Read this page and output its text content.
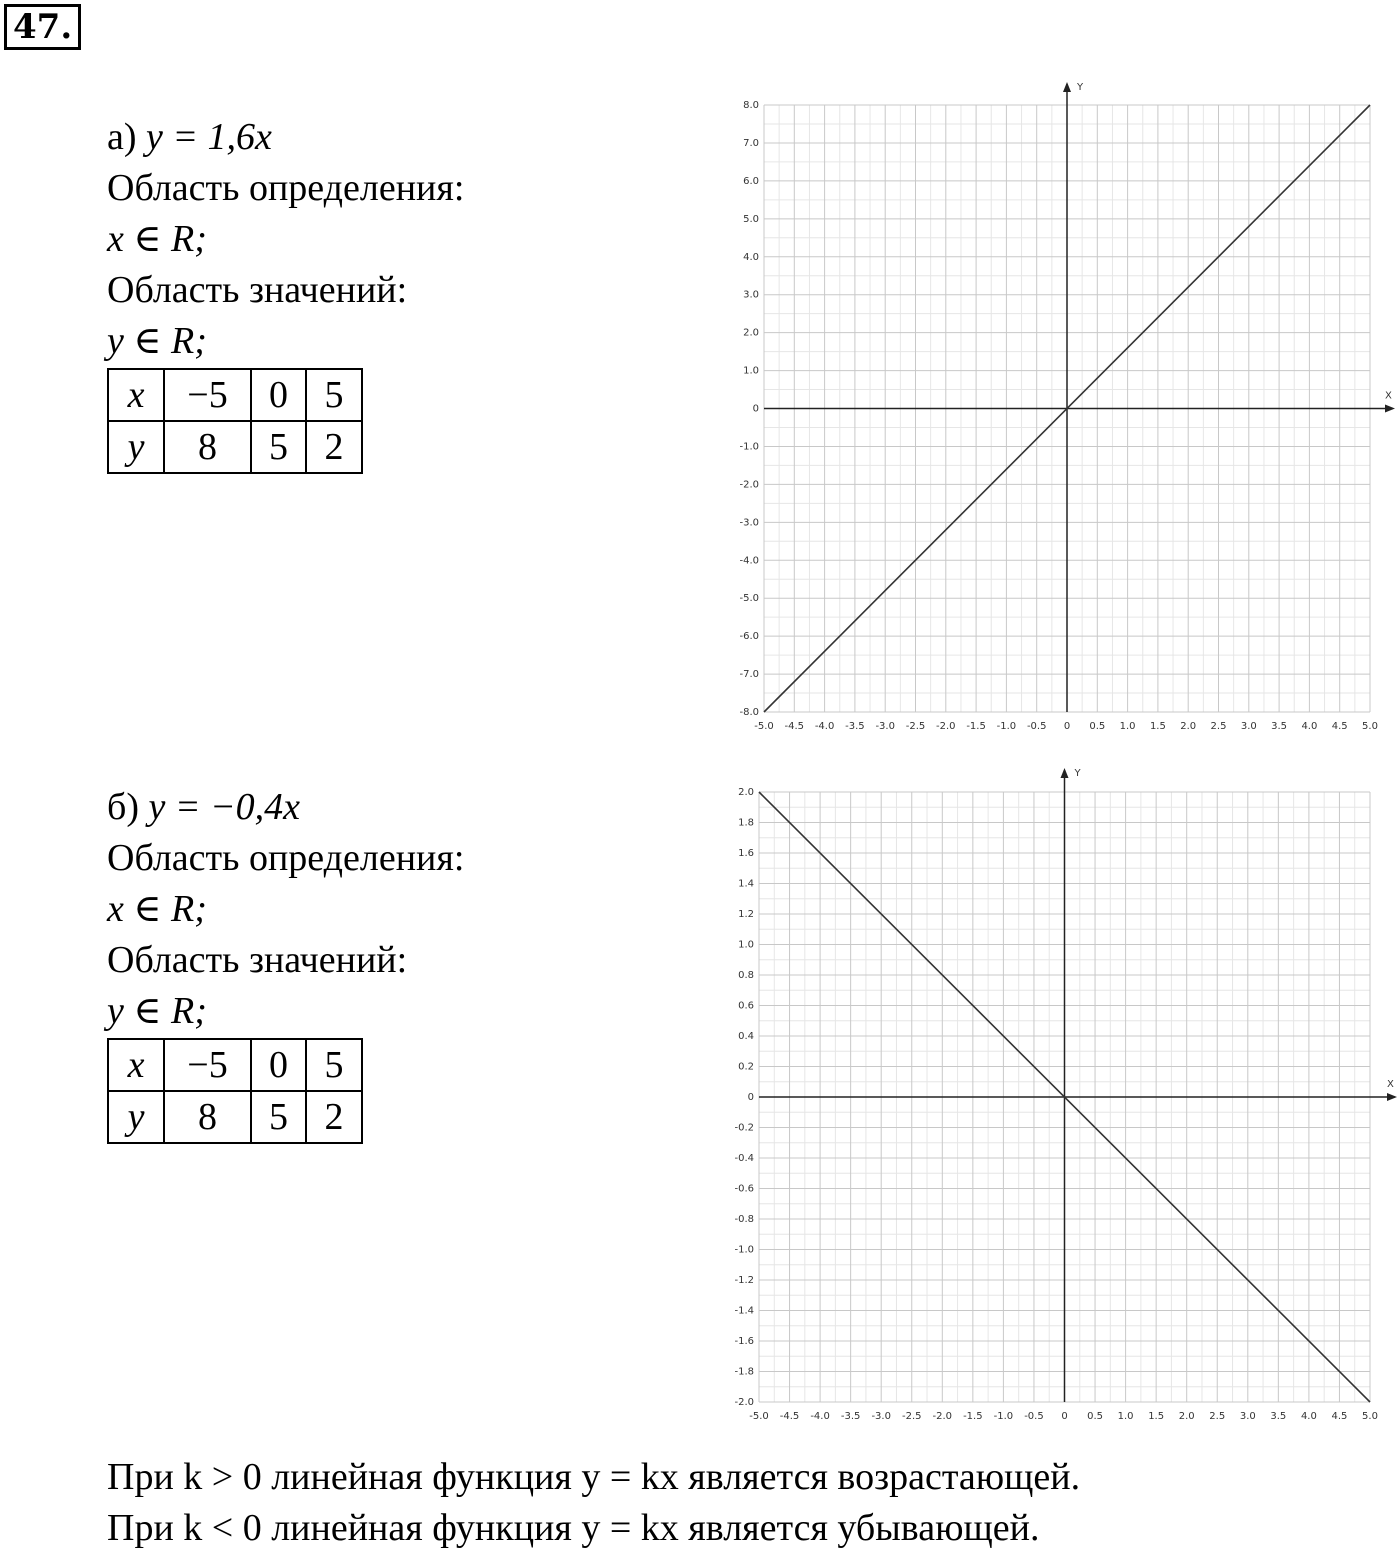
47.
а) y = 1,6x
Область определения:
x ∈ R;
Область значений:
y ∈ R;
x	−5	0	5
y	8	5	2
б) y = −0,4x
Область определения:
x ∈ R;
Область значений:
y ∈ R;
x	−5	0	5
y	8	5	2
Y
X
-5.0 -4.5 -4.0 -3.5 -3.0 -2.5 -2.0 -1.5 -1.0 -0.5 0 0.5 1.0 1.5 2.0 2.5 3.0 3.5 4.0 4.5 5.0
8.0
7.0
6.0
5.0
4.0
3.0
2.0
1.0
0
-1.0
-2.0
-3.0
-4.0
-5.0
-6.0
-7.0
-8.0
Y
X
-5.0 -4.5 -4.0 -3.5 -3.0 -2.5 -2.0 -1.5 -1.0 -0.5 0 0.5 1.0 1.5 2.0 2.5 3.0 3.5 4.0 4.5 5.0
2.0
1.8
1.6
1.4
1.2
1.0
0.8
0.6
0.4
0.2
0
-0.2
-0.4
-0.6
-0.8
-1.0
-1.2
-1.4
-1.6
-1.8
-2.0
При k > 0 линейная функция y = kx является возрастающей.
При k < 0 линейная функция y = kx является убывающей.
